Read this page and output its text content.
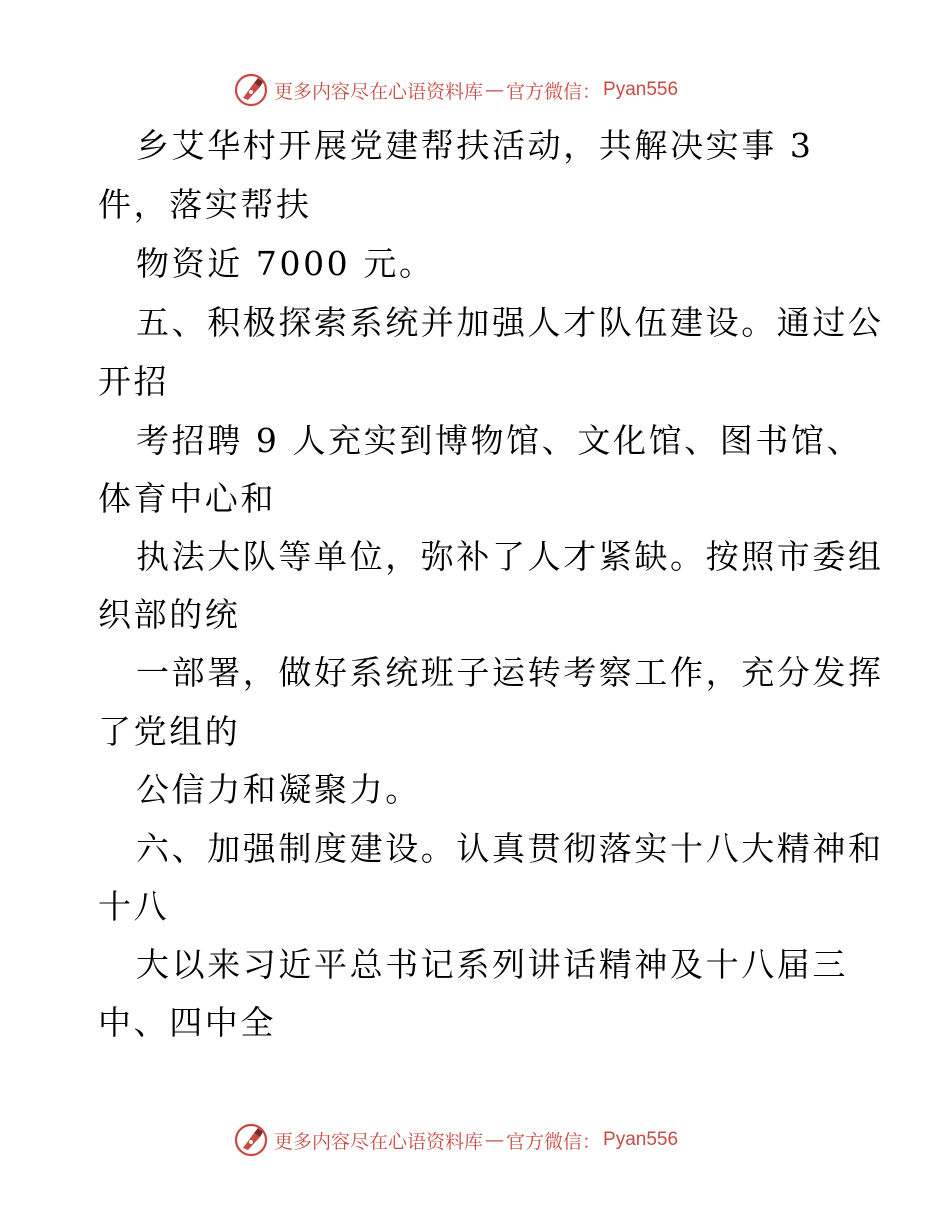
更多内容尽在心语资料库 — 官方微信： Pyan556
乡艾华村开展党建帮扶活动，共解决实事 3
件，落实帮扶
物资近 7000 元。
五、积极探索系统并加强人才队伍建设。通过公
开招
考招聘 9 人充实到博物馆、文化馆、图书馆、
体育中心和
执法大队等单位，弥补了人才紧缺。按照市委组
织部的统
一部署，做好系统班子运转考察工作，充分发挥
了党组的
公信力和凝聚力。
六、加强制度建设。认真贯彻落实十八大精神和
十八
大以来习近平总书记系列讲话精神及十八届三
中、四中全
更多内容尽在心语资料库 — 官方微信： Pyan556
